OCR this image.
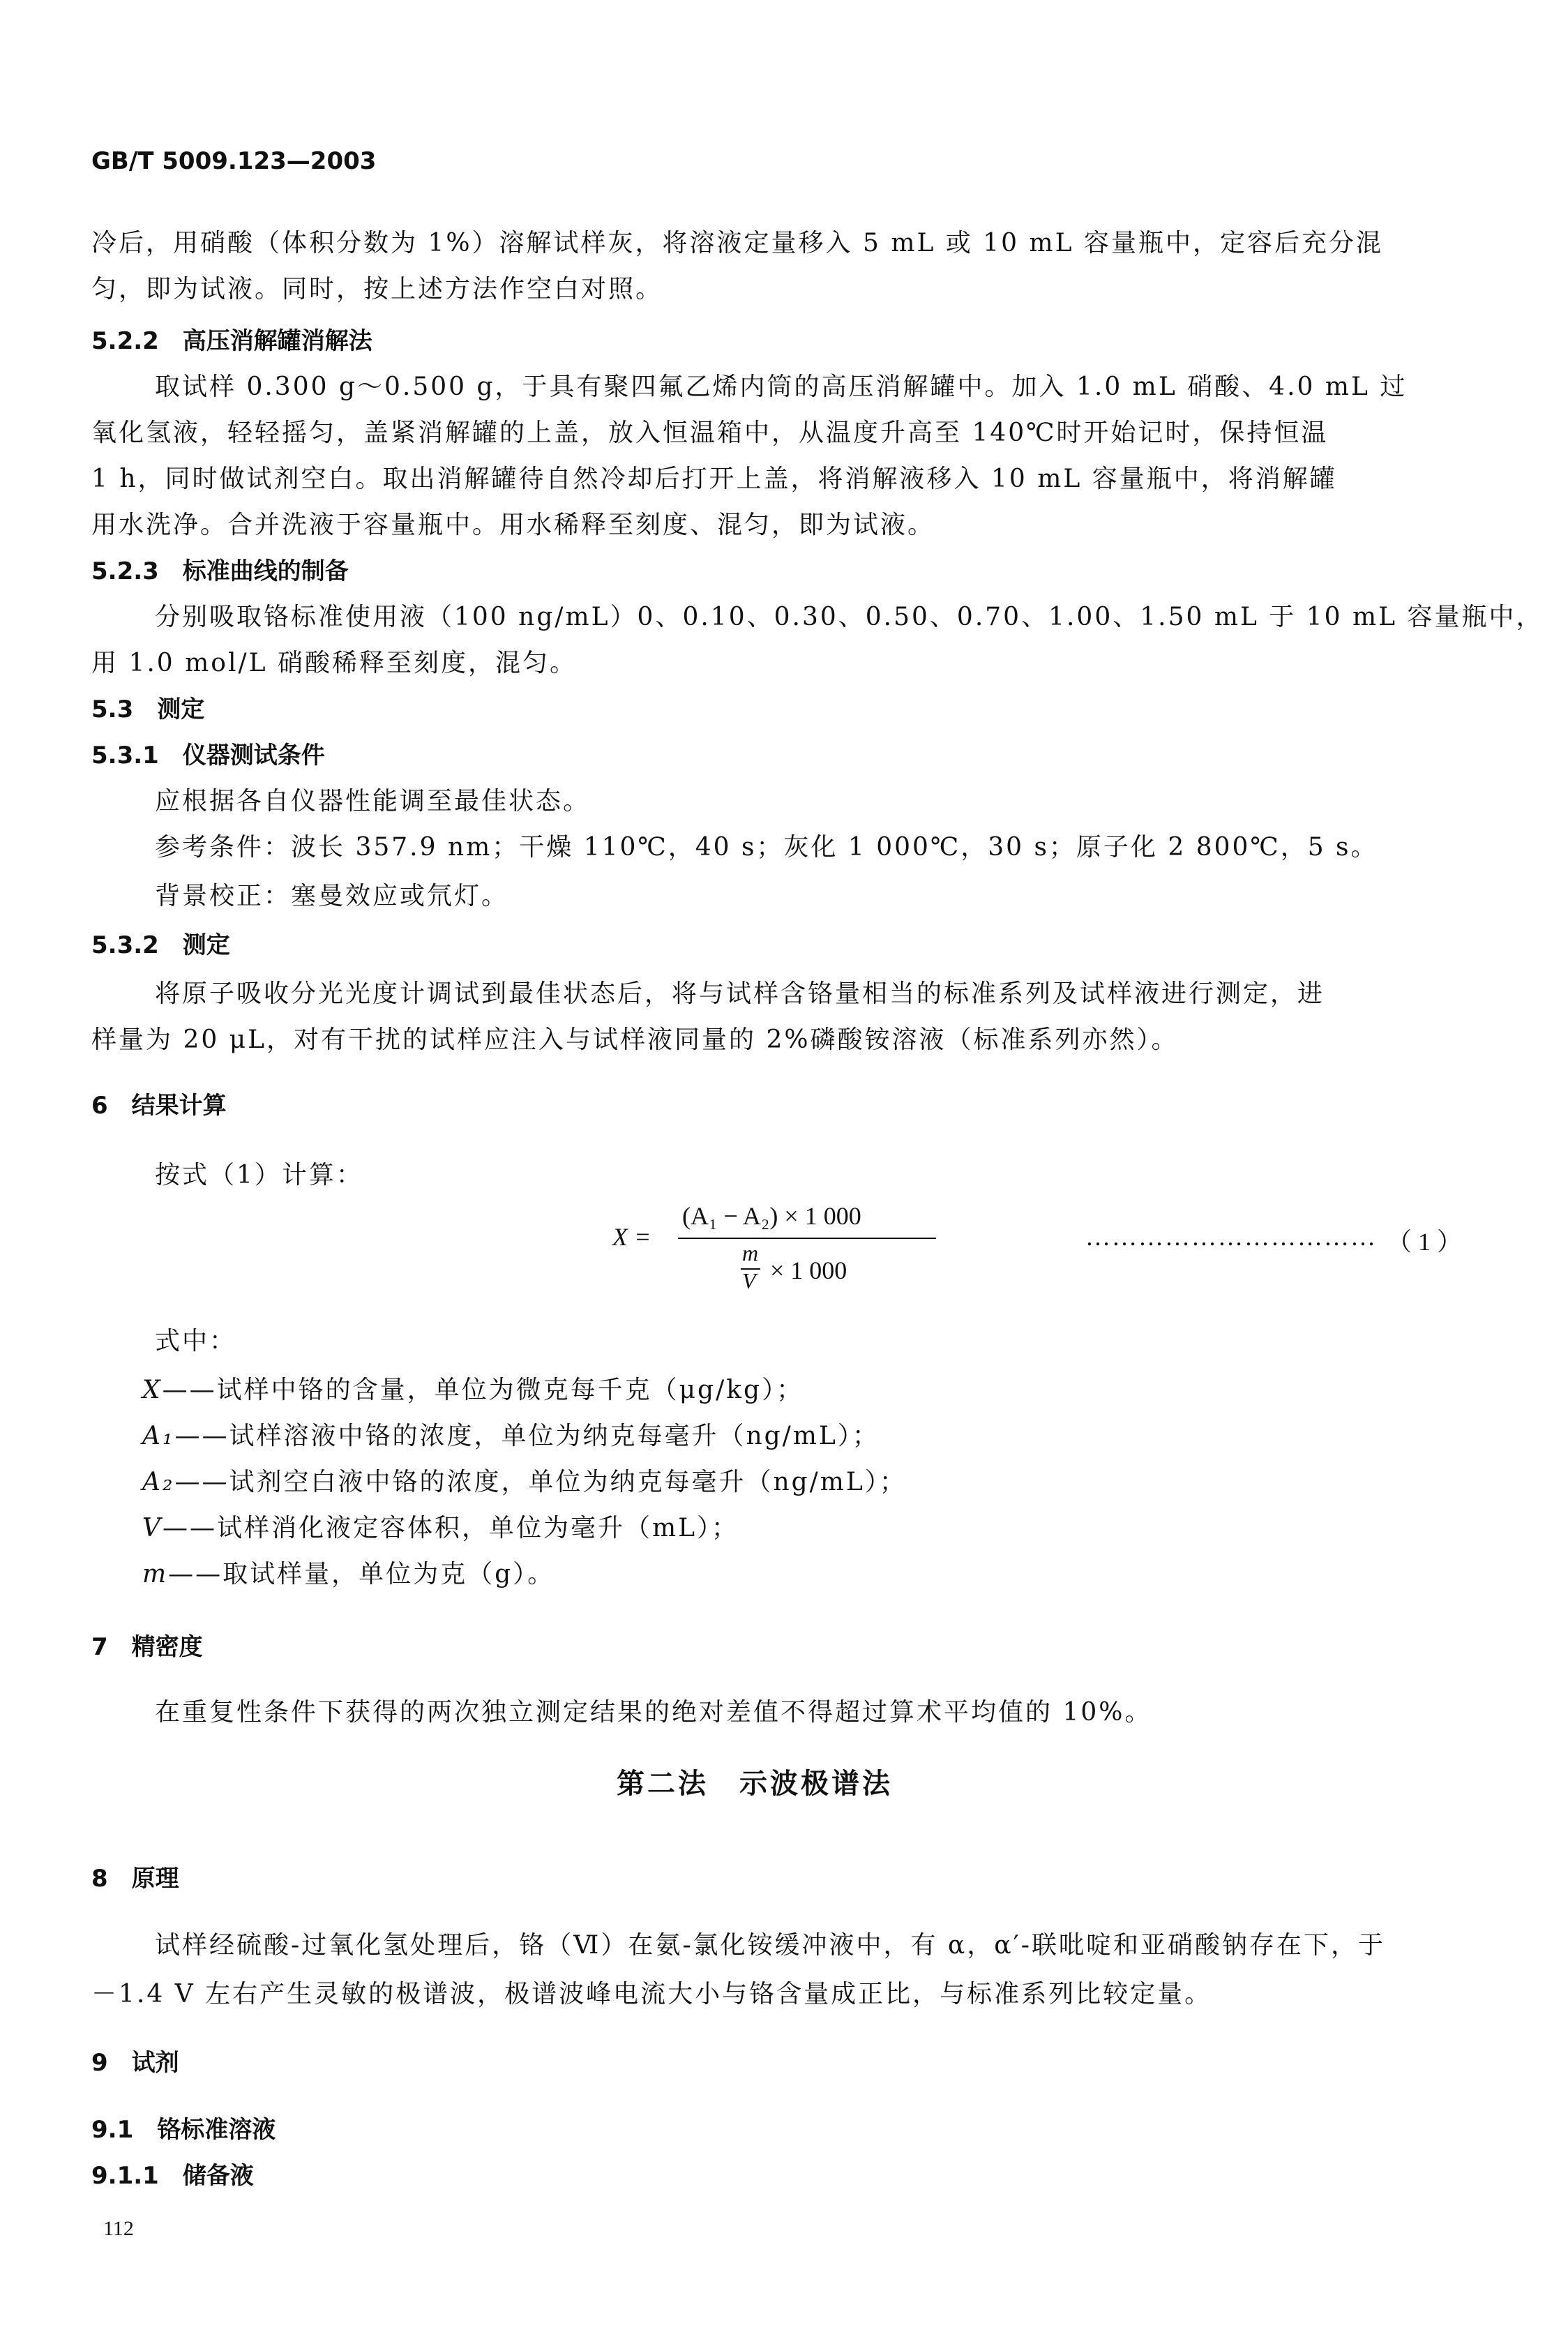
GB/T 5009.123—2003
冷后，用硝酸（体积分数为 1%）溶解试样灰，将溶液定量移入 5 mL 或 10 mL 容量瓶中，定容后充分混
匀，即为试液。同时，按上述方法作空白对照。
5.2.2　高压消解罐消解法
取试样 0.300 g～0.500 g，于具有聚四氟乙烯内筒的高压消解罐中。加入 1.0 mL 硝酸、4.0 mL 过
氧化氢液，轻轻摇匀，盖紧消解罐的上盖，放入恒温箱中，从温度升高至 140℃时开始记时，保持恒温
1 h，同时做试剂空白。取出消解罐待自然冷却后打开上盖，将消解液移入 10 mL 容量瓶中，将消解罐
用水洗净。合并洗液于容量瓶中。用水稀释至刻度、混匀，即为试液。
5.2.3　标准曲线的制备
分别吸取铬标准使用液（100 ng/mL）0、0.10、0.30、0.50、0.70、1.00、1.50 mL 于 10 mL 容量瓶中，
用 1.0 mol/L 硝酸稀释至刻度，混匀。
5.3　测定
5.3.1　仪器测试条件
应根据各自仪器性能调至最佳状态。
参考条件：波长 357.9 nm；干燥 110℃，40 s；灰化 1 000℃，30 s；原子化 2 800℃，5 s。
背景校正：塞曼效应或氘灯。
5.3.2　测定
将原子吸收分光光度计调试到最佳状态后，将与试样含铬量相当的标准系列及试样液进行测定，进
样量为 20 μL，对有干扰的试样应注入与试样液同量的 2%磷酸铵溶液（标准系列亦然）。
6　结果计算
按式（1）计算：
X =
(A₁ − A₂) × 1 000
m
V × 1 000
…………………………… （ 1 ）
式中：
X——试样中铬的含量，单位为微克每千克（μg/kg）；
A₁——试样溶液中铬的浓度，单位为纳克每毫升（ng/mL）；
A₂——试剂空白液中铬的浓度，单位为纳克每毫升（ng/mL）；
V——试样消化液定容体积，单位为毫升（mL）；
m——取试样量，单位为克（g）。
7　精密度
在重复性条件下获得的两次独立测定结果的绝对差值不得超过算术平均值的 10%。
第二法　示波极谱法
8　原理
试样经硫酸-过氧化氢处理后，铬（Ⅵ）在氨-氯化铵缓冲液中，有 α，α′-联吡啶和亚硝酸钠存在下，于
－1.4 V 左右产生灵敏的极谱波，极谱波峰电流大小与铬含量成正比，与标准系列比较定量。
9　试剂
9.1　铬标准溶液
9.1.1　储备液
112
